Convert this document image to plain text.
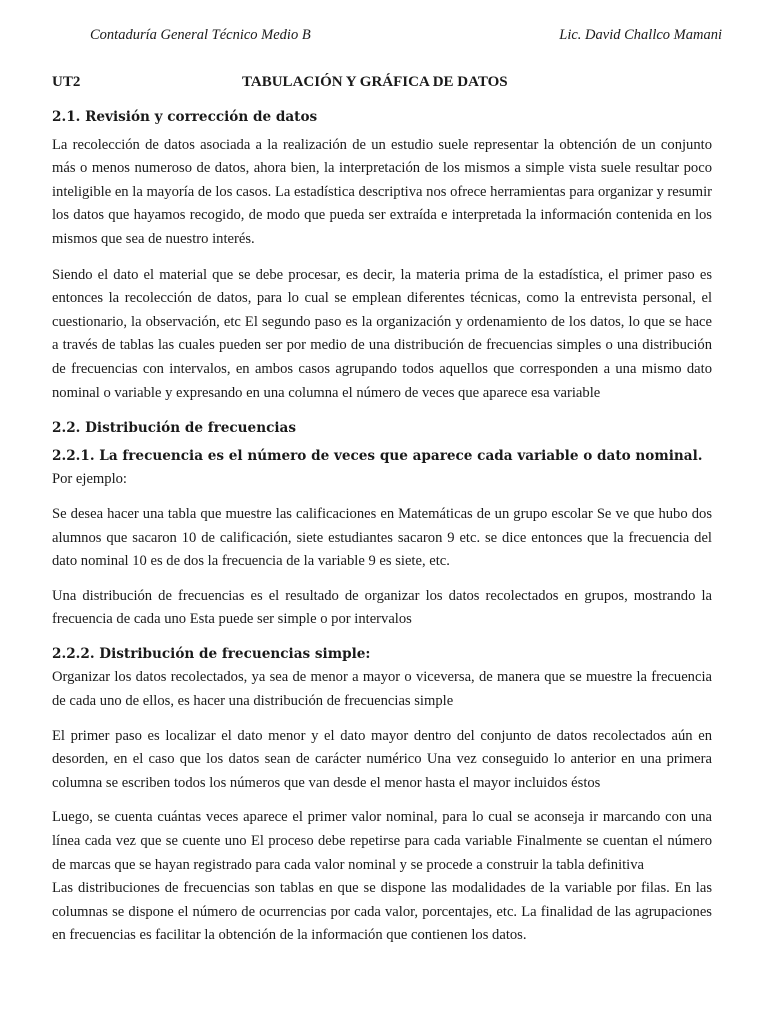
Contaduría General Técnico Medio B	Lic. David Challco Mamani
UT2	TABULACIÓN Y GRÁFICA DE DATOS

2.1. Revisión y corrección de datos

La recolección de datos asociada a la realización de un estudio suele representar la obtención de un conjunto más o menos numeroso de datos, ahora bien, la interpretación de los mismos a simple vista suele resultar poco inteligible en la mayoría de los casos. La estadística descriptiva nos ofrece herramientas para organizar y resumir los datos que hayamos recogido, de modo que pueda ser extraída e interpretada la información contenida en los mismos que sea de nuestro interés.

Siendo el dato el material que se debe procesar, es decir, la materia prima de la estadística, el primer paso es entonces la recolección de datos, para lo cual se emplean diferentes técnicas, como la entrevista personal, el cuestionario, la observación, etc El segundo paso es la organización y ordenamiento de los datos, lo que se hace a través de tablas las cuales pueden ser por medio de una distribución de frecuencias simples o una distribución de frecuencias con intervalos, en ambos casos agrupando todos aquellos que corresponden a una mismo dato nominal o variable y expresando en una columna el número de veces que aparece esa variable

2.2. Distribución de frecuencias

2.2.1. La frecuencia es el número de veces que aparece cada variable o dato nominal.

Por ejemplo:

Se desea hacer una tabla que muestre las calificaciones en Matemáticas de un grupo escolar Se ve que hubo dos alumnos que sacaron 10 de calificación, siete estudiantes sacaron 9 etc. se dice entonces que la frecuencia del dato nominal 10 es de dos la frecuencia de la variable 9 es siete, etc.

Una distribución de frecuencias es el resultado de organizar los datos recolectados en grupos, mostrando la frecuencia de cada uno Esta puede ser simple o por intervalos

2.2.2. Distribución de frecuencias simple:

Organizar los datos recolectados, ya sea de menor a mayor o viceversa, de manera que se muestre la frecuencia de cada uno de ellos, es hacer una distribución de frecuencias simple

El primer paso es localizar el dato menor y el dato mayor dentro del conjunto de datos recolectados aún en desorden, en el caso que los datos sean de carácter numérico Una vez conseguido lo anterior en una primera columna se escriben todos los números que van desde el menor hasta el mayor incluidos éstos

Luego, se cuenta cuántas veces aparece el primer valor nominal, para lo cual se aconseja ir marcando con una línea cada vez que se cuente uno El proceso debe repetirse para cada variable Finalmente se cuentan el número de marcas que se hayan registrado para cada valor nominal y se procede a construir la tabla definitiva

Las distribuciones de frecuencias son tablas en que se dispone las modalidades de la variable por filas. En las columnas se dispone el número de ocurrencias por cada valor, porcentajes, etc. La finalidad de las agrupaciones en frecuencias es facilitar la obtención de la información que contienen los datos.
